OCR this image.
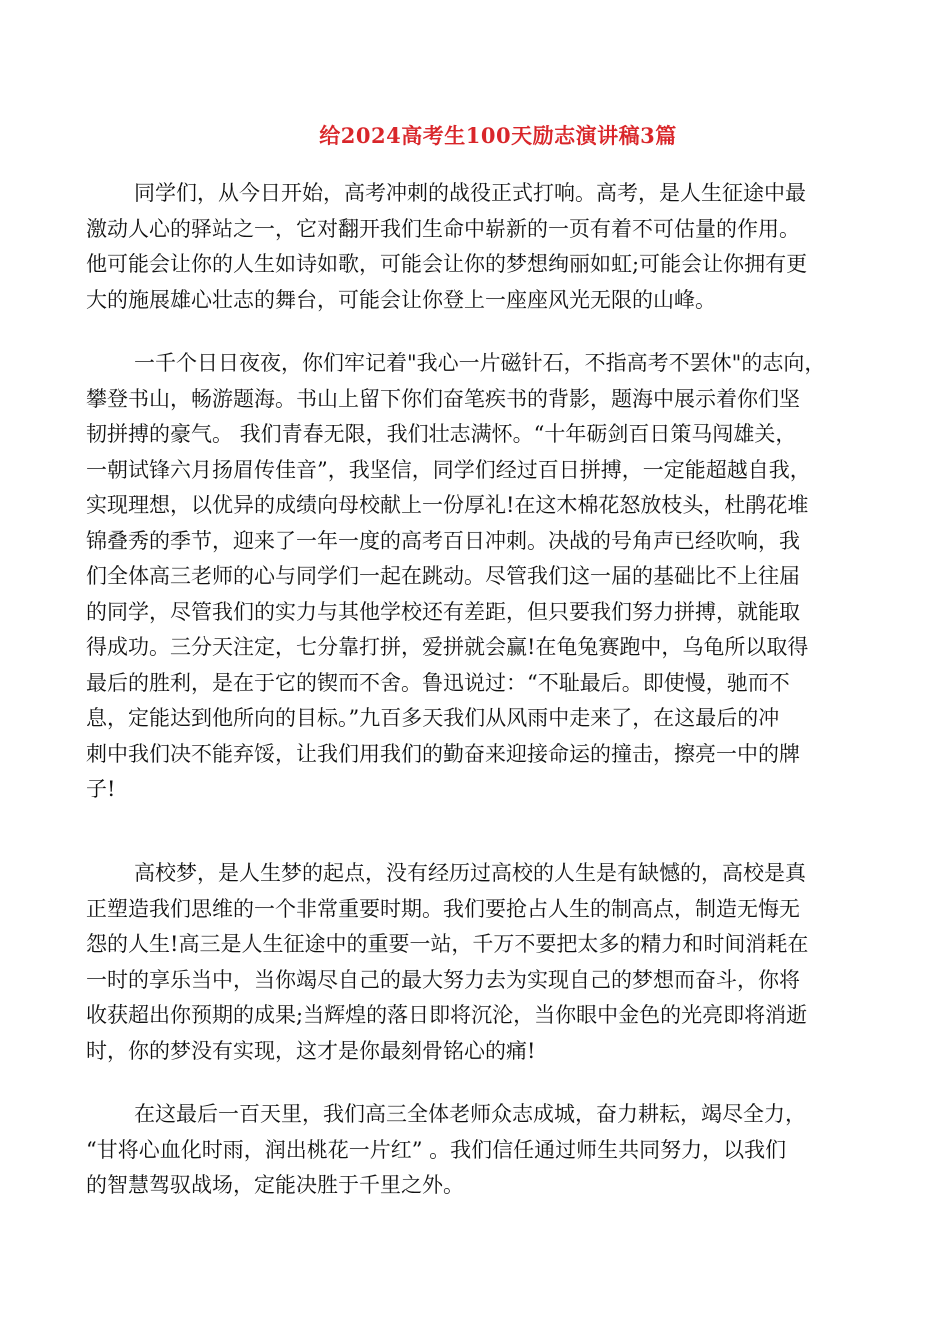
给2024高考生100天励志演讲稿3篇
同学们，从今日开始，高考冲刺的战役正式打响。高考，是人生征途中最
激动人心的驿站之一，它对翻开我们生命中崭新的一页有着不可估量的作用。
他可能会让你的人生如诗如歌，可能会让你的梦想绚丽如虹;可能会让你拥有更
大的施展雄心壮志的舞台，可能会让你登上一座座风光无限的山峰。
一千个日日夜夜，你们牢记着"我心一片磁针石，不指高考不罢休"的志向，
攀登书山，畅游题海。书山上留下你们奋笔疾书的背影，题海中展示着你们坚
韧拼搏的豪气。 我们青春无限，我们壮志满怀。“十年砺剑百日策马闯雄关，
一朝试锋六月扬眉传佳音”，我坚信，同学们经过百日拼搏，一定能超越自我，
实现理想，以优异的成绩向母校献上一份厚礼!在这木棉花怒放枝头，杜鹃花堆
锦叠秀的季节，迎来了一年一度的高考百日冲刺。决战的号角声已经吹响，我
们全体高三老师的心与同学们一起在跳动。尽管我们这一届的基础比不上往届
的同学，尽管我们的实力与其他学校还有差距，但只要我们努力拼搏，就能取
得成功。三分天注定，七分靠打拼，爱拼就会赢!在龟兔赛跑中，乌龟所以取得
最后的胜利，是在于它的锲而不舍。鲁迅说过：“不耻最后。即使慢，驰而不
息，定能达到他所向的目标。”九百多天我们从风雨中走来了，在这最后的冲
刺中我们决不能弃馁，让我们用我们的勤奋来迎接命运的撞击，擦亮一中的牌
子!
高校梦，是人生梦的起点，没有经历过高校的人生是有缺憾的，高校是真
正塑造我们思维的一个非常重要时期。我们要抢占人生的制高点，制造无悔无
怨的人生!高三是人生征途中的重要一站，千万不要把太多的精力和时间消耗在
一时的享乐当中，当你竭尽自己的最大努力去为实现自己的梦想而奋斗，你将
收获超出你预期的成果;当辉煌的落日即将沉沦，当你眼中金色的光亮即将消逝
时，你的梦没有实现，这才是你最刻骨铭心的痛!
在这最后一百天里，我们高三全体老师众志成城，奋力耕耘，竭尽全力，
“甘将心血化时雨，润出桃花一片红” 。我们信任通过师生共同努力，以我们
的智慧驾驭战场，定能决胜于千里之外。
